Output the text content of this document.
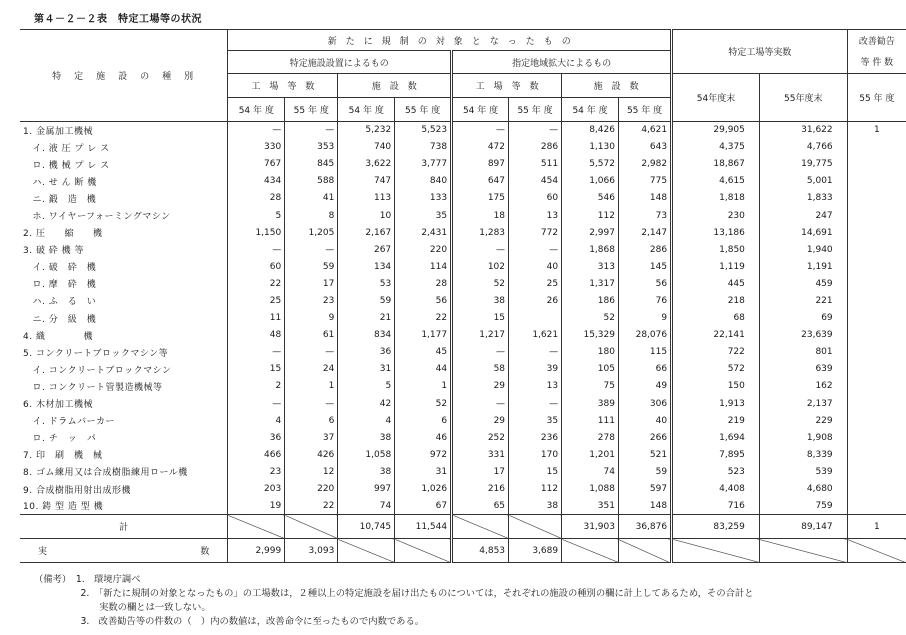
第４－２－２表　特定工場等の状況
特　定　施　設　の　種　別	新　た　に　規　制　の　対　象　と　な　っ　た　も　の								特定工場等実数		改善勧告
	特定施設設置によるもの				指定地域拡大によるもの						等 件 数
	工　場　等　数		施　設　数		工　場　等　数		施　設　数		54年度末	55年度末	55 年 度
	54 年 度	55 年 度	54 年 度	55 年 度	54 年 度	55 年 度	54 年 度	55 年 度			
1. 金属加工機械	—	—	5,232	5,523	—	—	8,426	4,621	29,905	31,622	1
　イ. 液 圧 プ レ ス	330	353	740	738	472	286	1,130	643	4,375	4,766	
　ロ. 機 械 プ レ ス	767	845	3,622	3,777	897	511	5,572	2,982	18,867	19,775	
　ハ. せ ん 断 機	434	588	747	840	647	454	1,066	775	4,615	5,001	
　ニ. 鍛　造　機	28	41	113	133	175	60	546	148	1,818	1,833	
　ホ. ワイヤーフォーミングマシン	5	8	10	35	18	13	112	73	230	247	
2. 圧　　縮　　機	1,150	1,205	2,167	2,431	1,283	772	2,997	2,147	13,186	14,691	
3. 破 砕 機 等	—	—	267	220	—	—	1,868	286	1,850	1,940	
　イ. 破　砕　機	60	59	134	114	102	40	313	145	1,119	1,191	
　ロ. 摩　砕　機	22	17	53	28	52	25	1,317	56	445	459	
　ハ. ふ　る　い	25	23	59	56	38	26	186	76	218	221	
　ニ. 分　級　機	11	9	21	22	15		52	9	68	69	
4. 織　　　　機	48	61	834	1,177	1,217	1,621	15,329	28,076	22,141	23,639	
5. コンクリートブロックマシン等	—	—	36	45	—	—	180	115	722	801	
　イ. コンクリートブロックマシン	15	24	31	44	58	39	105	66	572	639	
　ロ. コンクリート管製造機械等	2	1	5	1	29	13	75	49	150	162	
6. 木材加工機械	—	—	42	52	—	—	389	306	1,913	2,137	
　イ. ドラムバーカー	4	6	4	6	29	35	111	40	219	229	
　ロ. チ　ッ　パ	36	37	38	46	252	236	278	266	1,694	1,908	
7. 印　刷　機　械	466	426	1,058	972	331	170	1,201	521	7,895	8,339	
8. ゴム練用又は合成樹脂練用ロール機	23	12	38	31	17	15	74	59	523	539	
9. 合成樹脂用射出成形機	203	220	997	1,026	216	112	1,088	597	4,408	4,680	
10. 鋳 型 造 型 機	19	22	74	67	65	38	351	148	716	759	
計			10,745	11,544			31,903	36,876	83,259	89,147	1
実 数	2,999	3,093			4,853	3,689					
（備考）　1.　環境庁調べ
　　　　　2.　「新たに規制の対象となったもの」の工場数は，２種以上の特定施設を届け出たものについては，それぞれの施設の種別の欄に計上してあるため，その合計と
　　　　　　　実数の欄とは一致しない。
　　　　　3.　改善勧告等の件数の（　）内の数値は，改善命令に至ったもので内数である。
